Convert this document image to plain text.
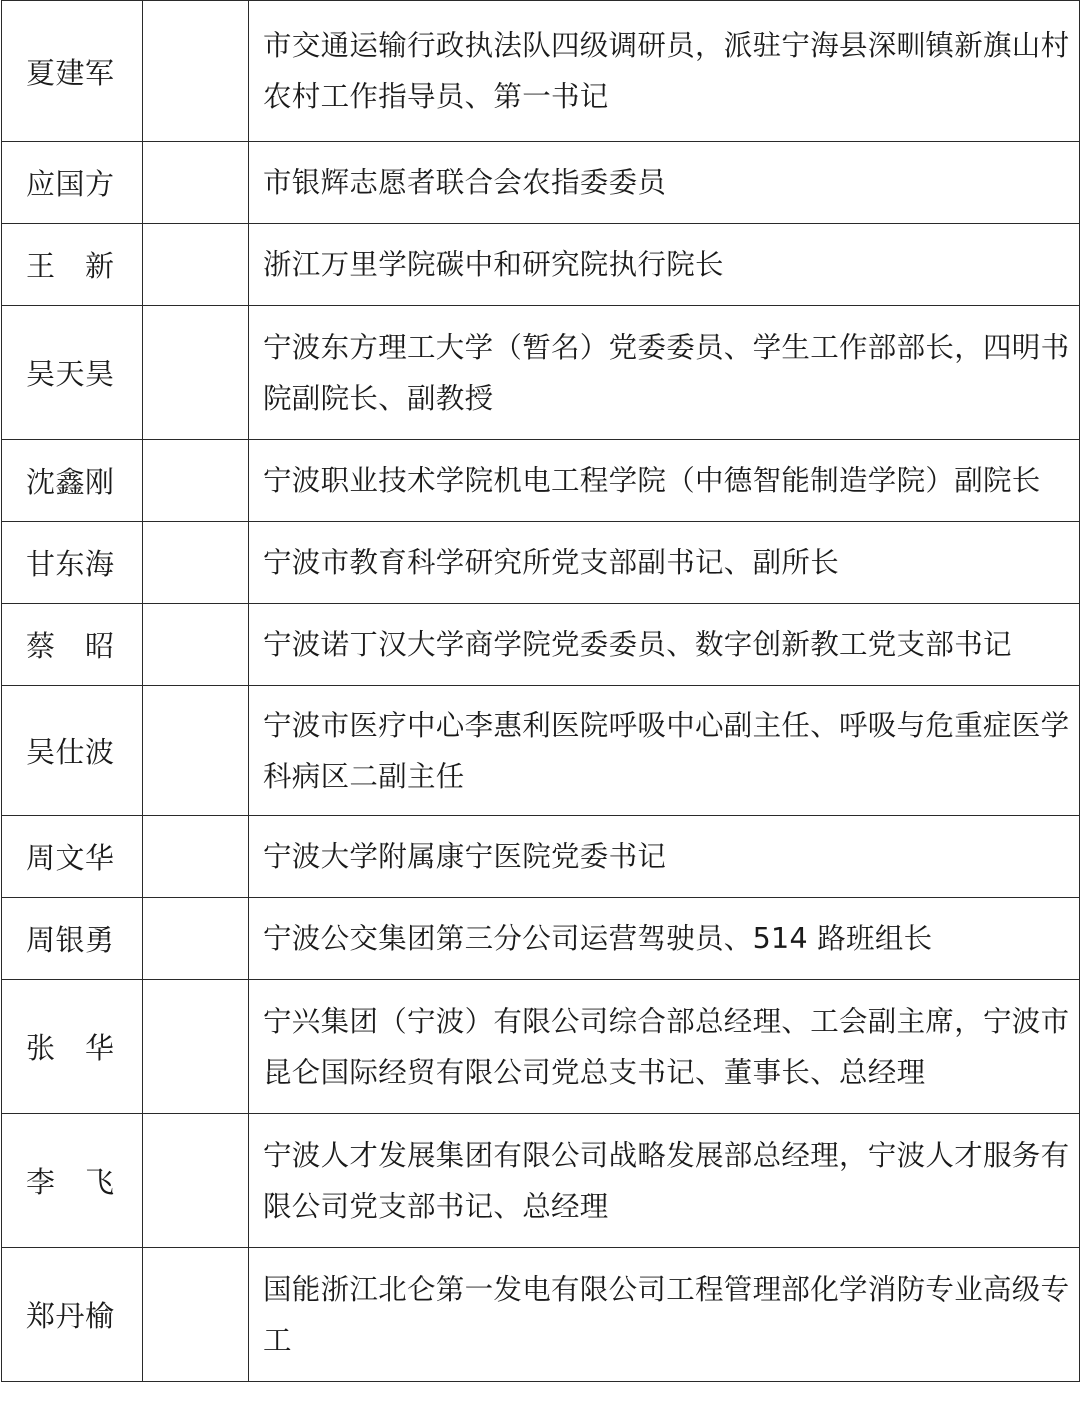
夏建军		市交通运输行政执法队四级调研员，派驻宁海县深甽镇新旗山村农村工作指导员、第一书记
应国方		市银辉志愿者联合会农指委委员
王　新		浙江万里学院碳中和研究院执行院长
吴天昊		宁波东方理工大学（暂名）党委委员、学生工作部部长，四明书院副院长、副教授
沈鑫刚		宁波职业技术学院机电工程学院（中德智能制造学院）副院长
甘东海		宁波市教育科学研究所党支部副书记、副所长
蔡　昭		宁波诺丁汉大学商学院党委委员、数字创新教工党支部书记
吴仕波		宁波市医疗中心李惠利医院呼吸中心副主任、呼吸与危重症医学科病区二副主任
周文华		宁波大学附属康宁医院党委书记
周银勇		宁波公交集团第三分公司运营驾驶员、514 路班组长
张　华		宁兴集团（宁波）有限公司综合部总经理、工会副主席，宁波市昆仑国际经贸有限公司党总支书记、董事长、总经理
李　飞		宁波人才发展集团有限公司战略发展部总经理，宁波人才服务有限公司党支部书记、总经理
郑丹榆		国能浙江北仑第一发电有限公司工程管理部化学消防专业高级专工
